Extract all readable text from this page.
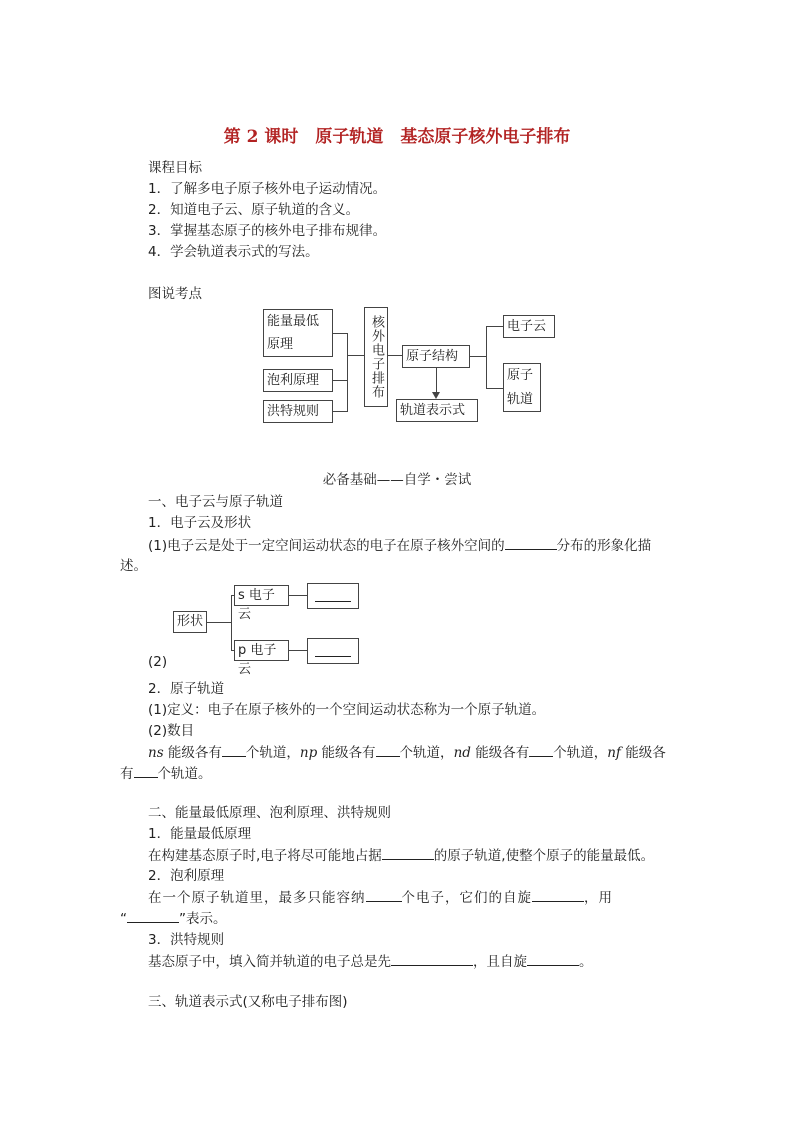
第 2 课时　原子轨道　基态原子核外电子排布
课程目标
1．了解多电子原子核外电子运动情况。
2．知道电子云、原子轨道的含义。
3．掌握基态原子的核外电子排布规律。
4．学会轨道表示式的写法。
图说考点
能量最低
原理
泡利原理
洪特规则
核外电子排布	原子结构
轨道表示式
电子云
原子
轨道
必备基础——自学・尝试
一、电子云与原子轨道
1．电子云及形状
(1)电子云是处于一定空间运动状态的电子在原子核外空间的	分布的形象化描
述。
形状
s 电子云
p 电子云
(2)
2．原子轨道
(1)定义：电子在原子核外的一个空间运动状态称为一个原子轨道。
(2)数目
ns 能级各有 个轨道，np 能级各有 个轨道，nd 能级各有 个轨道，nf 能级各
有 个轨道。
二、能量最低原理、泡利原理、洪特规则
1．能量最低原理
在构建基态原子时,电子将尽可能地占据	的原子轨道,使整个原子的能量最低。
2．泡利原理
在一个原子轨道里，最多只能容纳	个电子，它们的自旋	，用
“	”表示。
3．洪特规则
基态原子中，填入简并轨道的电子总是先	，且自旋	。
三、轨道表示式(又称电子排布图)
